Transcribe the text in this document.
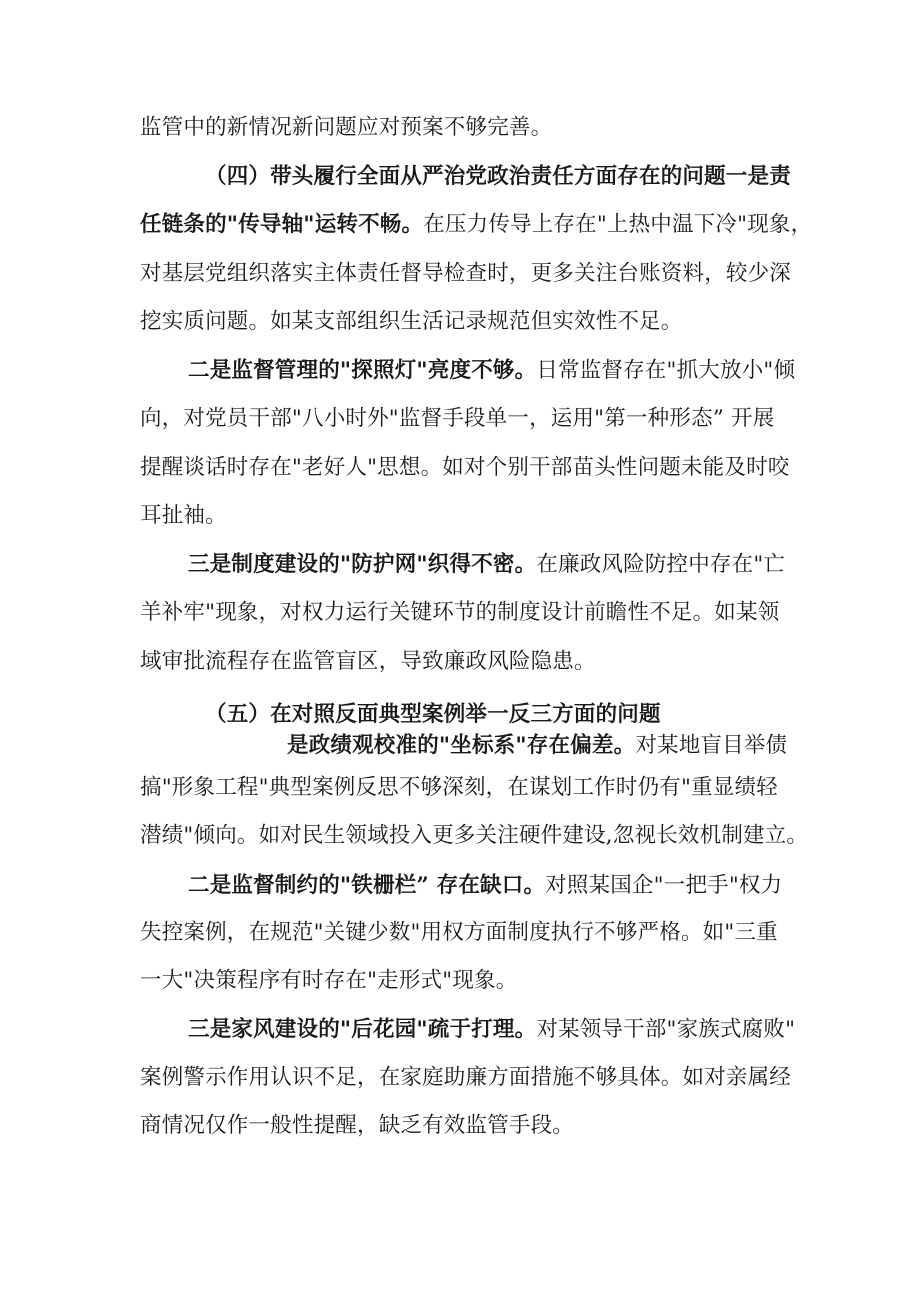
监管中的新情况新问题应对预案不够完善。
（四）带头履行全面从严治党政治责任方面存在的问题一是责
任链条的"传导轴"运转不畅。在压力传导上存在"上热中温下冷"现象，
对基层党组织落实主体责任督导检查时，更多关注台账资料，较少深
挖实质问题。如某支部组织生活记录规范但实效性不足。
二是监督管理的"探照灯"亮度不够。日常监督存在"抓大放小"倾
向，对党员干部"八小时外"监督手段单一，运用"第一种形态” 开展
提醒谈话时存在"老好人"思想。如对个别干部苗头性问题未能及时咬
耳扯袖。
三是制度建设的"防护网"织得不密。在廉政风险防控中存在"亡
羊补牢"现象，对权力运行关键环节的制度设计前瞻性不足。如某领
域审批流程存在监管盲区，导致廉政风险隐患。
（五）在对照反面典型案例举一反三方面的问题
是政绩观校准的"坐标系"存在偏差。对某地盲目举债
搞"形象工程"典型案例反思不够深刻，在谋划工作时仍有"重显绩轻
潜绩"倾向。如对民生领域投入更多关注硬件建设,忽视长效机制建立。
二是监督制约的"铁栅栏” 存在缺口。对照某国企"一把手"权力
失控案例，在规范"关键少数"用权方面制度执行不够严格。如"三重
一大"决策程序有时存在"走形式"现象。
三是家风建设的"后花园"疏于打理。对某领导干部"家族式腐败"
案例警示作用认识不足，在家庭助廉方面措施不够具体。如对亲属经
商情况仅作一般性提醒，缺乏有效监管手段。
